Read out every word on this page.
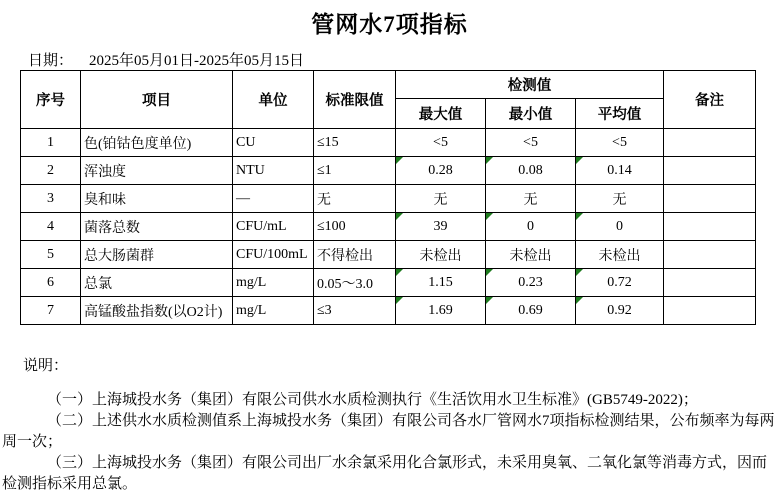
管网水7项指标
日期： 2025年05月01日-2025年05月15日
序号	项目	单位	标准限值	检测值			备注
				最大值	最小值	平均值	
1	色(铂钴色度单位)	CU	≤15	<5	<5	<5	
2	浑浊度	NTU	≤1	0.28	0.08	0.14	
3	臭和味	—	无	无	无	无	
4	菌落总数	CFU/mL	≤100	39	0	0	
5	总大肠菌群	CFU/100mL	不得检出	未检出	未检出	未检出	
6	总氯	mg/L	0.05～3.0	1.15	0.23	0.72	
7	高锰酸盐指数(以O2计)	mg/L	≤3	1.69	0.69	0.92	
说明：

（一）上海城投水务（集团）有限公司供水水质检测执行《生活饮用水卫生标准》(GB5749-2022)；

（二）上述供水水质检测值系上海城投水务（集团）有限公司各水厂管网水7项指标检测结果，公布频率为每两周一次；

（三）上海城投水务（集团）有限公司出厂水余氯采用化合氯形式，未采用臭氧、二氧化氯等消毒方式，因而检测指标采用总氯。
